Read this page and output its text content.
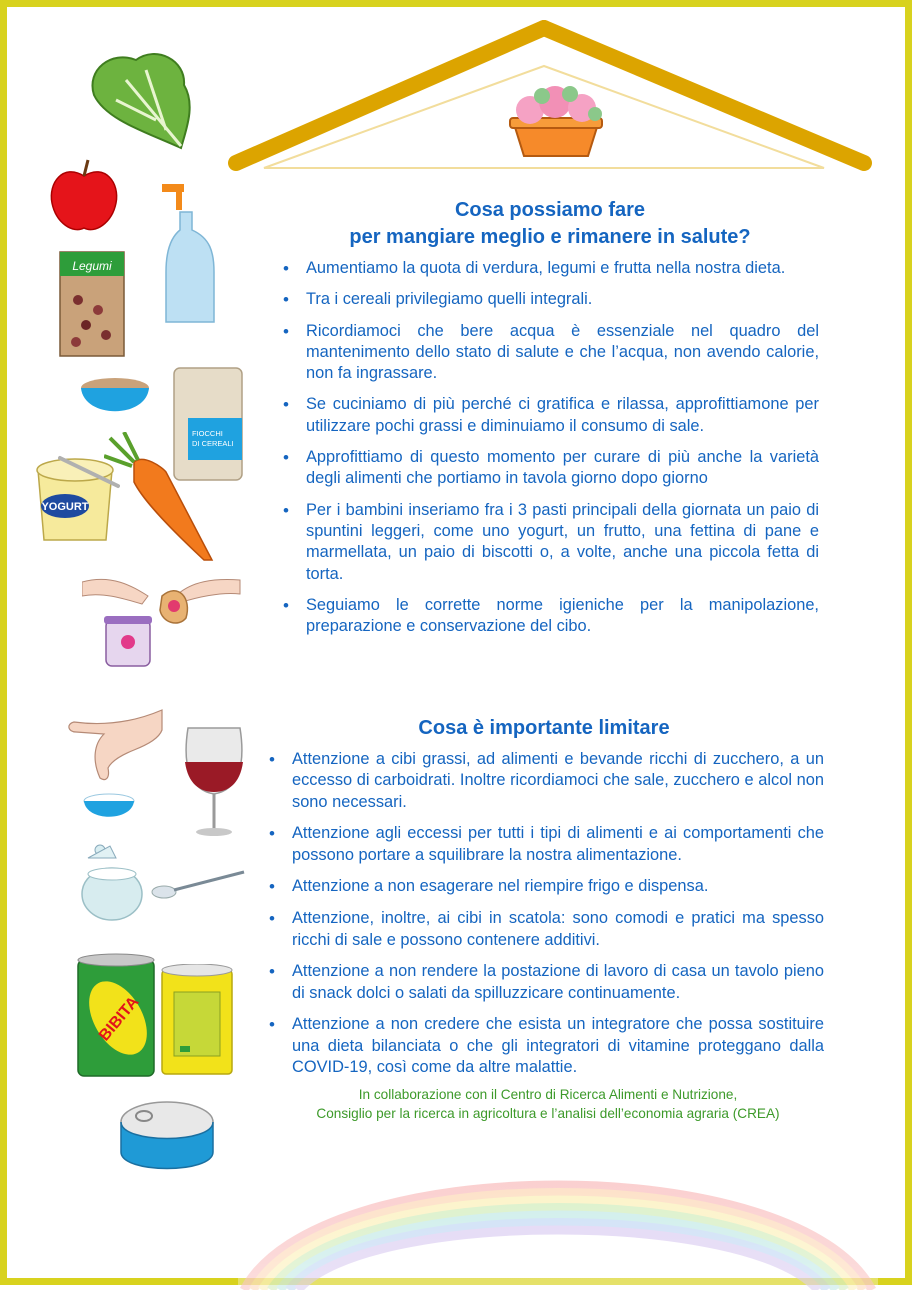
Legumi
FIOCCHI
DI CEREALI
YOGURT
BIBITA
Cosa possiamo fare
per mangiare meglio e rimanere in salute?
• Aumentiamo la quota di verdura, legumi e frutta nella nostra dieta.
• Tra i cereali privilegiamo quelli integrali.
• Ricordiamoci che bere acqua è essenziale nel quadro del mantenimento dello stato di salute e che l’acqua, non avendo calorie, non fa ingrassare.
• Se cuciniamo di più perché ci gratifica e rilassa, approfittiamone per utilizzare pochi grassi e diminuiamo il consumo di sale.
• Approfittiamo di questo momento per curare di più anche la varietà degli alimenti che portiamo in tavola giorno dopo giorno
• Per i bambini inseriamo fra i 3 pasti principali della giornata un paio di spuntini leggeri, come uno yogurt, un frutto, una fettina di pane e marmellata, un paio di biscotti o, a volte, anche una piccola fetta di torta.
• Seguiamo le corrette norme igieniche per la manipolazione, preparazione e conservazione del cibo.
Cosa è importante limitare
• Attenzione a cibi grassi, ad alimenti e bevande ricchi di zucchero, a un eccesso di carboidrati. Inoltre ricordiamoci che sale, zucchero e alcol non sono necessari.
• Attenzione agli eccessi per tutti i tipi di alimenti e ai comportamenti che possono portare a squilibrare la nostra alimentazione.
• Attenzione a non esagerare nel riempire frigo e dispensa.
• Attenzione, inoltre, ai cibi in scatola: sono comodi e pratici ma spesso ricchi di sale e possono contenere additivi.
• Attenzione a non rendere la postazione di lavoro di casa un tavolo pieno di snack dolci o salati da spilluzzicare continuamente.
• Attenzione a non credere che esista un integratore che possa sostituire una dieta bilanciata o che gli integratori di vitamine proteggano dalla COVID-19, così come da altre malattie.
In collaborazione con il Centro di Ricerca Alimenti e Nutrizione,
Consiglio per la ricerca in agricoltura e l’analisi dell’economia agraria (CREA)
